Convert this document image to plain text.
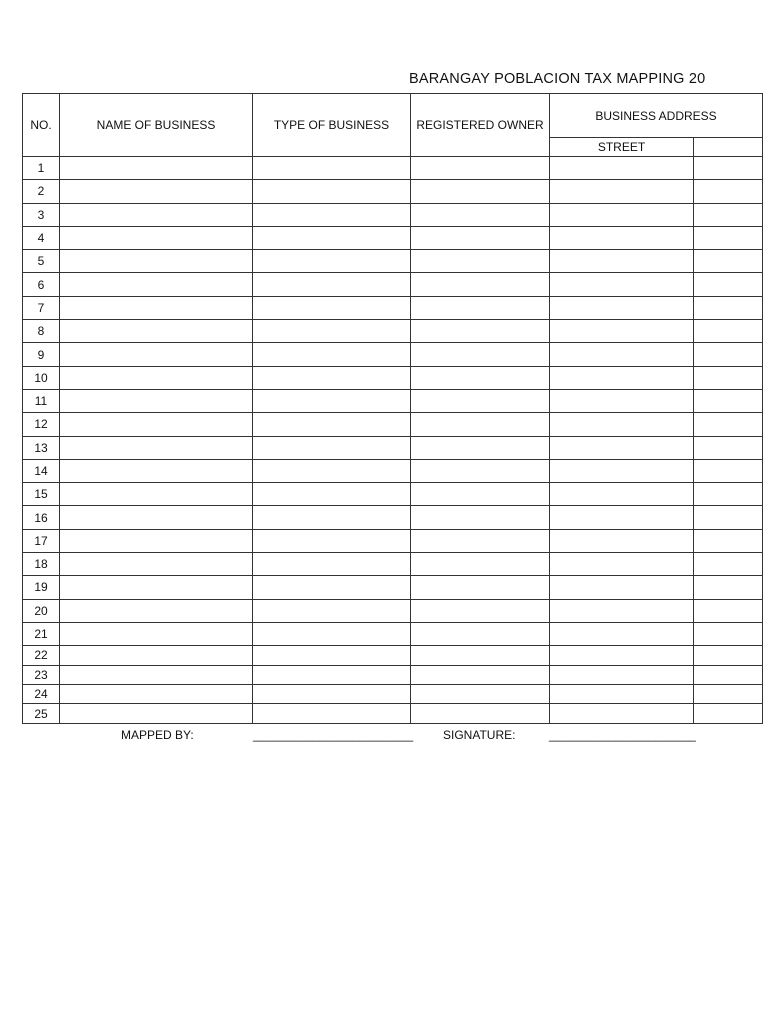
BARANGAY POBLACION TAX MAPPING 20
NO.	NAME OF BUSINESS	TYPE OF BUSINESS	REGISTERED OWNER	BUSINESS ADDRESS	
				STREET	
1					
2					
3					
4					
5					
6					
7					
8					
9					
10					
11					
12					
13					
14					
15					
16					
17					
18					
19					
20					
21					
22					
23					
24					
25					
MAPPED BY:	________________________ SIGNATURE:	______________________
